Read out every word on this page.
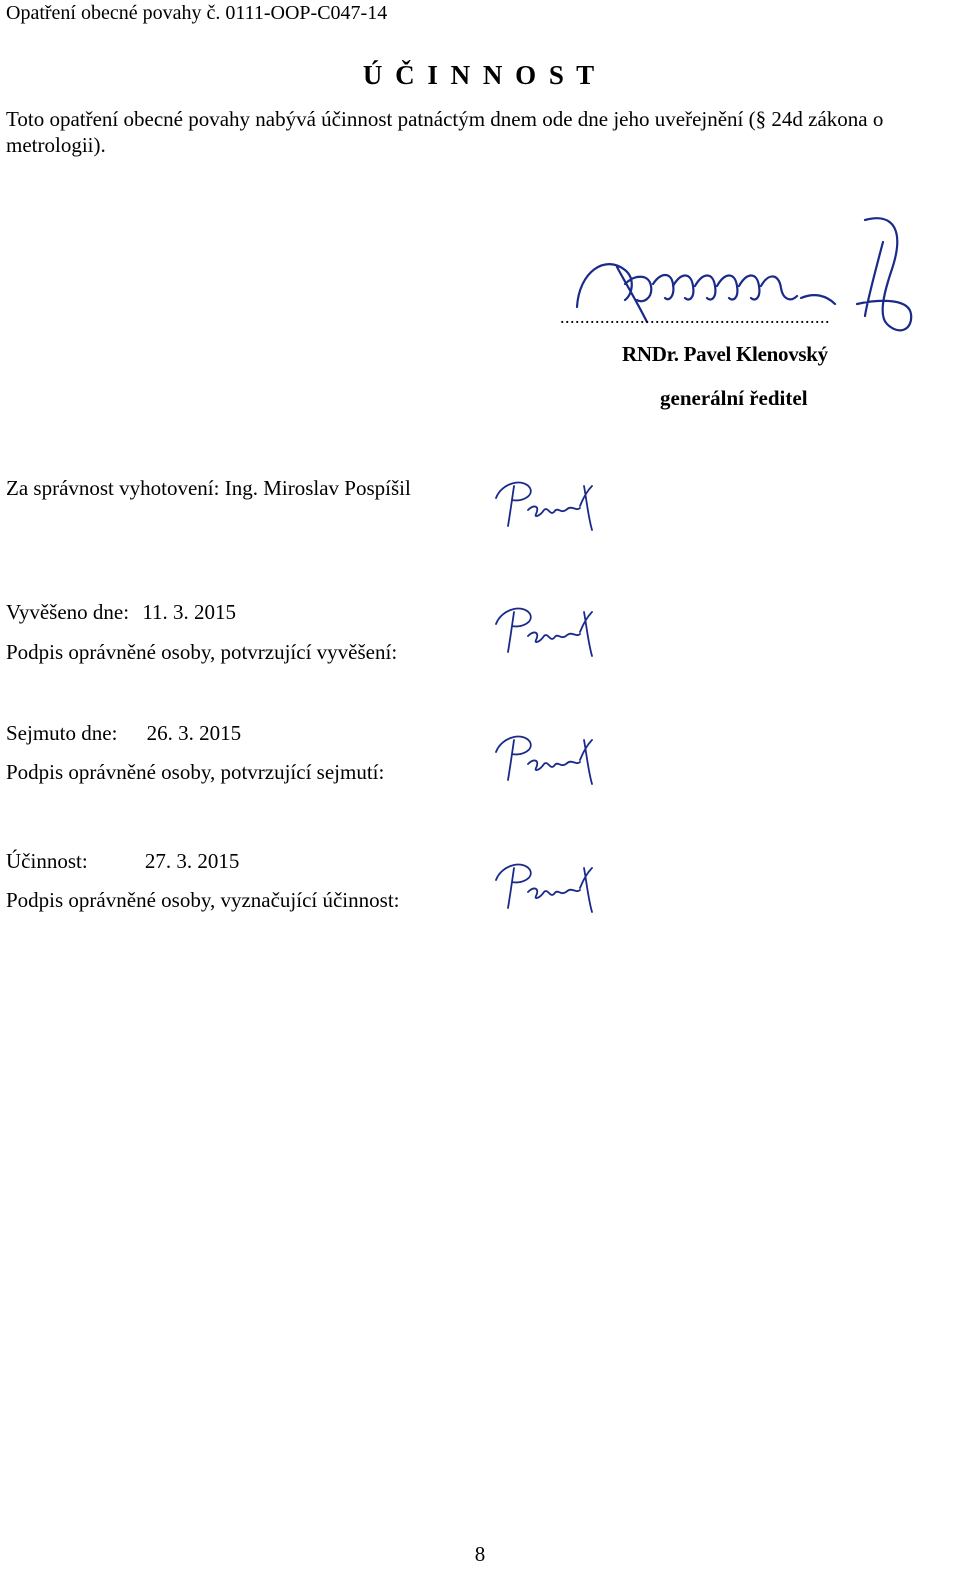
Opatření obecné povahy č. 0111-OOP-C047-14
Ú Č I N N O S T
Toto opatření obecné povahy nabývá účinnost patnáctým dnem ode dne jeho uveřejnění (§ 24d zákona o metrologii).
......................................................
RNDr. Pavel Klenovský
generální ředitel
Za správnost vyhotovení: Ing. Miroslav Pospíšil
Vyvěšeno dne: 11. 3. 2015
Podpis oprávněné osoby, potvrzující vyvěšení:
Sejmuto dne: 26. 3. 2015
Podpis oprávněné osoby, potvrzující sejmutí:
Účinnost:	27. 3. 2015
Podpis oprávněné osoby, vyznačující účinnost:
8
